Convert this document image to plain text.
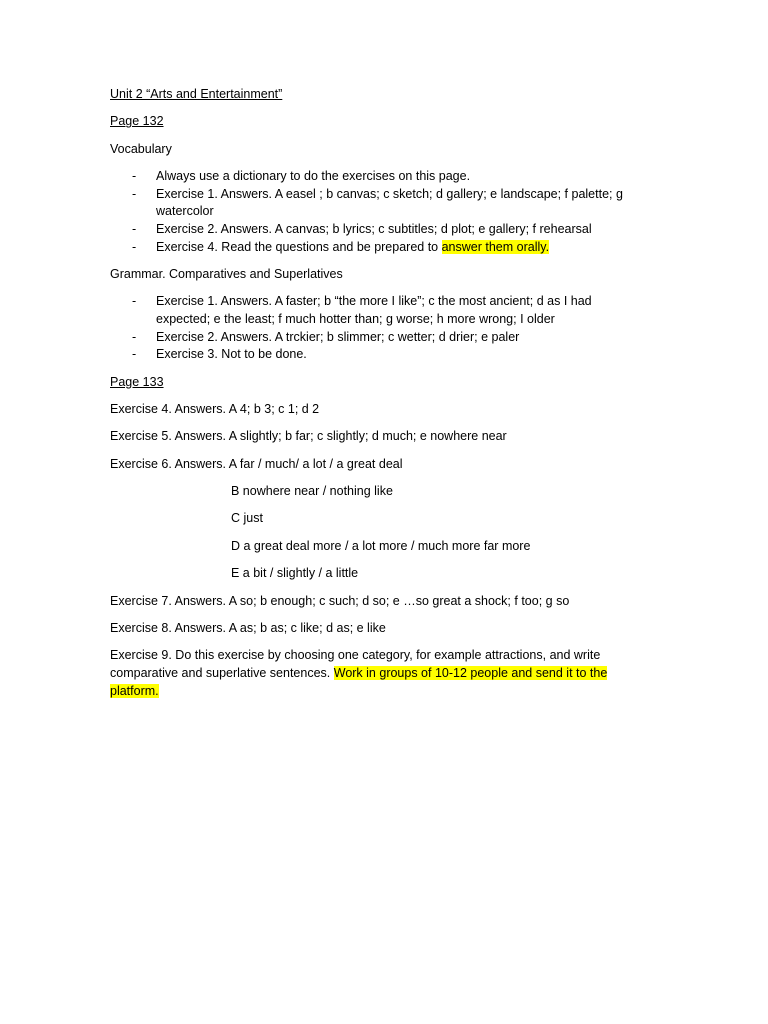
Unit 2 “Arts and Entertainment”

Page 132

Vocabulary

- Always use a dictionary to do the exercises on this page.
- Exercise 1. Answers. A easel ; b canvas; c sketch; d gallery; e landscape; f palette; g watercolor
- Exercise 2. Answers. A canvas; b lyrics; c subtitles; d plot; e gallery; f rehearsal
- Exercise 4. Read the questions and be prepared to answer them orally.

Grammar. Comparatives and Superlatives

- Exercise 1. Answers. A faster; b “the more I like”; c the most ancient; d as I had expected; e the least; f much hotter than; g worse; h more wrong; I older
- Exercise 2. Answers. A trckier; b slimmer; c wetter; d drier; e paler
- Exercise 3. Not to be done.

Page 133

Exercise 4. Answers. A 4; b 3; c 1; d 2

Exercise 5. Answers. A slightly; b far; c slightly; d much; e nowhere near

Exercise 6. Answers. A far / much/ a lot / a great deal

B nowhere near / nothing like

C just

D a great deal more / a lot more / much more far more

E a bit / slightly / a little

Exercise 7. Answers. A so; b enough; c such; d so; e …so great a shock; f too; g so

Exercise 8. Answers. A as; b as; c like; d as; e like

Exercise 9. Do this exercise by choosing one category, for example attractions, and write comparative and superlative sentences. Work in groups of 10-12 people and send it to the platform.
